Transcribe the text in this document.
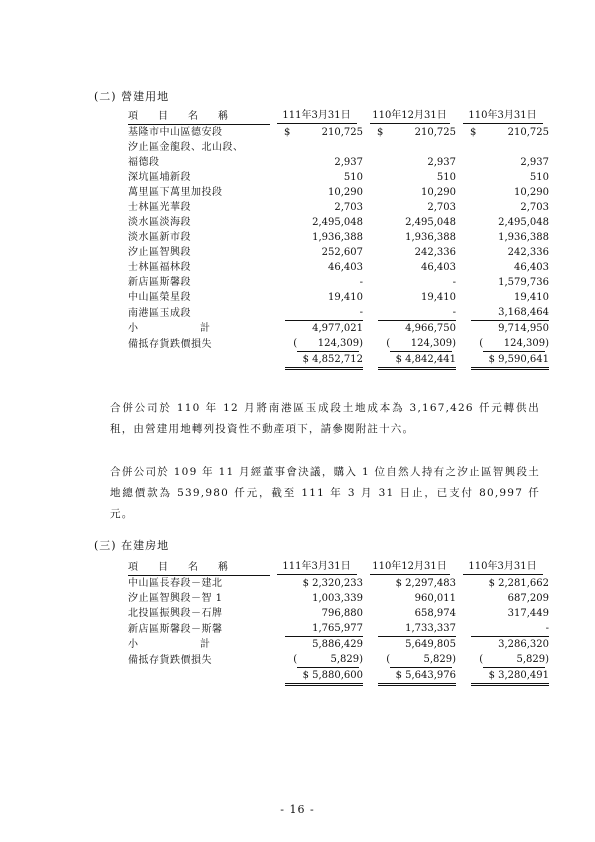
(二) 營建用地
項　　目　　名　　稱	111年3月31日	110年12月31日	110年3月31日
基隆市中山區德安段	$ 210,725	$ 210,725	$ 210,725
汐止區金龍段、北山段、			
福德段	2,937	2,937	2,937
深坑區埔新段	510	510	510
萬里區下萬里加投段	10,290	10,290	10,290
士林區光華段	2,703	2,703	2,703
淡水區淡海段	2,495,048	2,495,048	2,495,048
淡水區新市段	1,936,388	1,936,388	1,936,388
汐止區智興段	252,607	242,336	242,336
士林區福林段	46,403	46,403	46,403
新店區斯馨段	-	-	1,579,736
中山區榮星段	19,410	19,410	19,410
南港區玉成段	-	-	3,168,464
小　　計	4,977,021	4,966,750	9,714,950
備抵存貨跌價損失	( 124,309)	( 124,309)	( 124,309)
	$ 4,852,712	$ 4,842,441	$ 9,590,641
合併公司於 110 年 12 月將南港區玉成段土地成本為 3,167,426 仟元轉供出租，由營建用地轉列投資性不動產項下，請參閱附註十六。
合併公司於 109 年 11 月經董事會決議，購入 1 位自然人持有之汐止區智興段土地總價款為 539,980 仟元，截至 111 年 3 月 31 日止，已支付 80,997 仟元。
(三) 在建房地
項　　目　　名　　稱	111年3月31日	110年12月31日	110年3月31日
中山區長春段－建北	$ 2,320,233	$ 2,297,483	$ 2,281,662
汐止區智興段－智 1	1,003,339	960,011	687,209
北投區振興段－石牌	796,880	658,974	317,449
新店區斯馨段－斯馨	1,765,977	1,733,337	-
小　　計	5,886,429	5,649,805	3,286,320
備抵存貨跌價損失	( 5,829)	( 5,829)	( 5,829)
	$ 5,880,600	$ 5,643,976	$ 3,280,491
- 16 -
